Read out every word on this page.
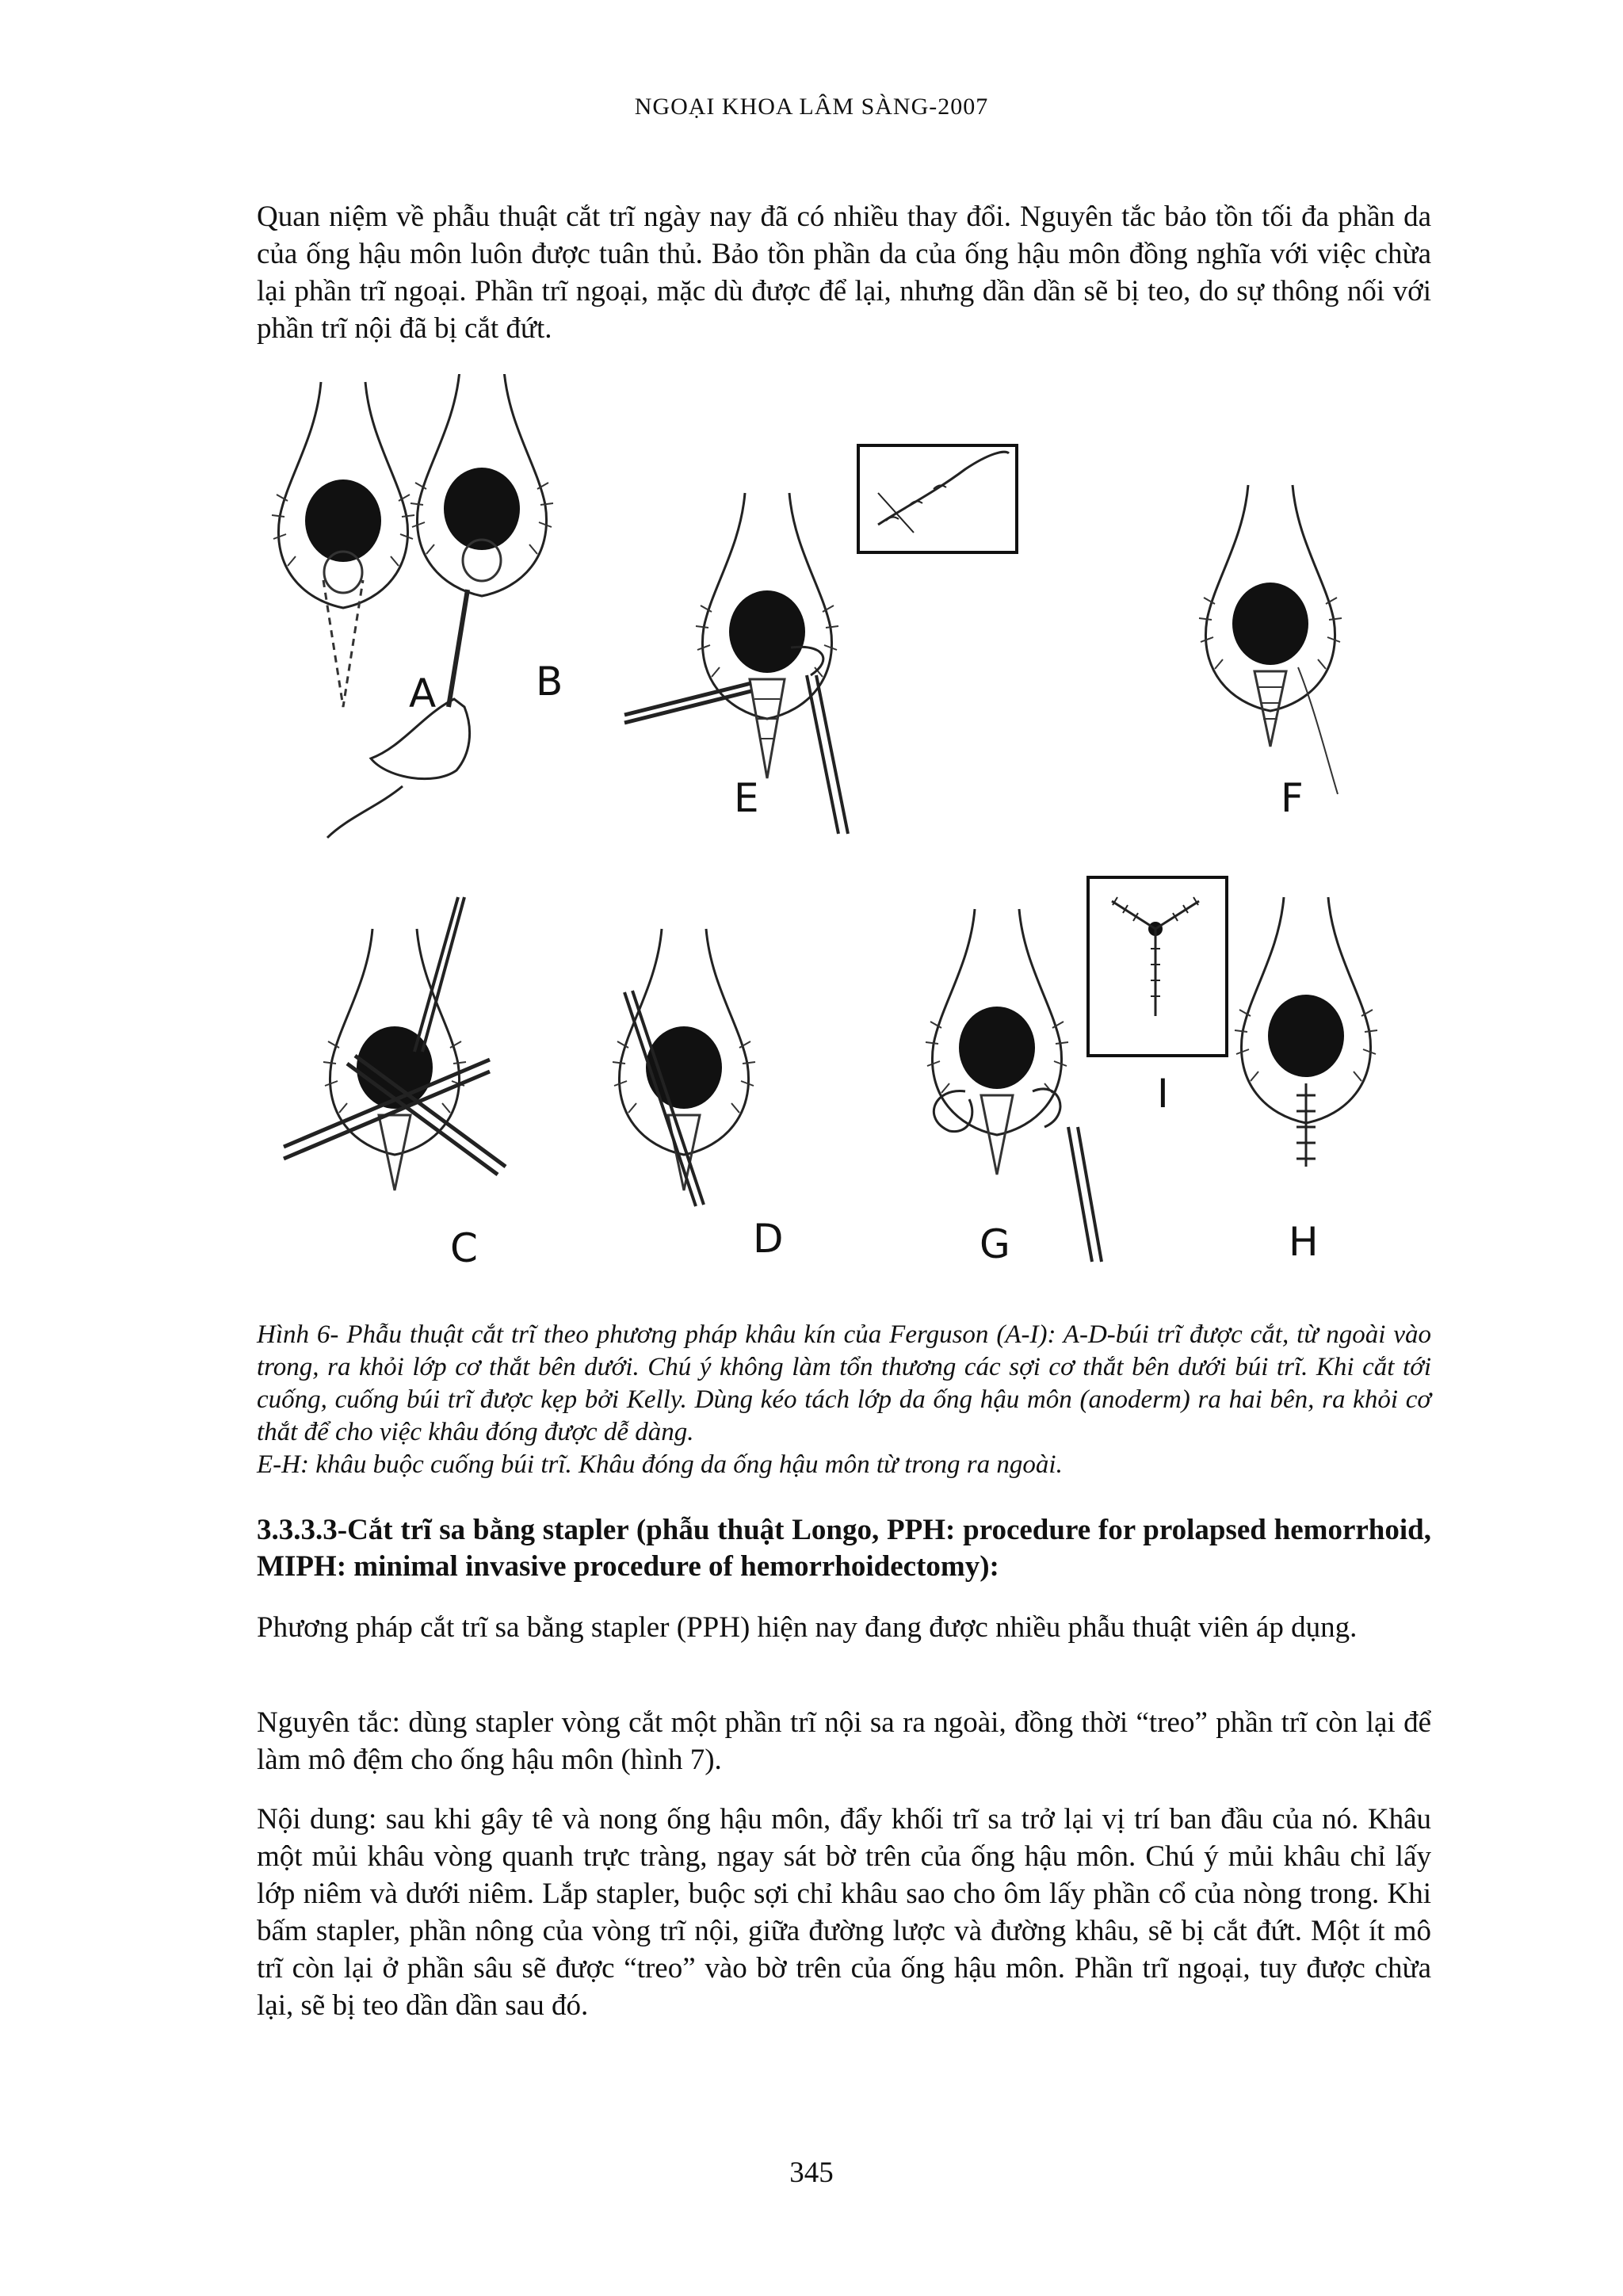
NGOẠI KHOA LÂM SÀNG-2007

Quan niệm về phẫu thuật cắt trĩ ngày nay đã có nhiều thay đổi. Nguyên tắc bảo tồn tối đa phần da của ống hậu môn luôn được tuân thủ. Bảo tồn phần da của ống hậu môn đồng nghĩa với việc chừa lại phần trĩ ngoại. Phần trĩ ngoại, mặc dù được để lại, nhưng dần dần sẽ bị teo, do sự thông nối với phần trĩ nội đã bị cắt đứt.

A	B
E	F
C	D	G
I
H

Hình 6- Phẫu thuật cắt trĩ theo phương pháp khâu kín của Ferguson (A-I): A-D-búi trĩ được cắt, từ ngoài vào trong, ra khỏi lớp cơ thắt bên dưới. Chú ý không làm tổn thương các sợi cơ thắt bên dưới búi trĩ. Khi cắt tới cuống, cuống búi trĩ được kẹp bởi Kelly. Dùng kéo tách lớp da ống hậu môn (anoderm) ra hai bên, ra khỏi cơ thắt để cho việc khâu đóng được dễ dàng.
E-H: khâu buộc cuống búi trĩ. Khâu đóng da ống hậu môn từ trong ra ngoài.

3.3.3.3-Cắt trĩ sa bằng stapler (phẫu thuật Longo, PPH: procedure for prolapsed hemorrhoid, MIPH: minimal invasive procedure of hemorrhoidectomy):

Phương pháp cắt trĩ sa bằng stapler (PPH) hiện nay đang được nhiều phẫu thuật viên áp dụng.

Nguyên tắc: dùng stapler vòng cắt một phần trĩ nội sa ra ngoài, đồng thời “treo” phần trĩ còn lại để làm mô đệm cho ống hậu môn (hình 7).

Nội dung: sau khi gây tê và nong ống hậu môn, đẩy khối trĩ sa trở lại vị trí ban đầu của nó. Khâu một mủi khâu vòng quanh trực tràng, ngay sát bờ trên của ống hậu môn. Chú ý mủi khâu chỉ lấy lớp niêm và dưới niêm. Lắp stapler, buộc sợi chỉ khâu sao cho ôm lấy phần cổ của nòng trong. Khi bấm stapler, phần nông của vòng trĩ nội, giữa đường lược và đường khâu, sẽ bị cắt đứt. Một ít mô trĩ còn lại ở phần sâu sẽ được “treo” vào bờ trên của ống hậu môn. Phần trĩ ngoại, tuy được chừa lại, sẽ bị teo dần dần sau đó.

345
